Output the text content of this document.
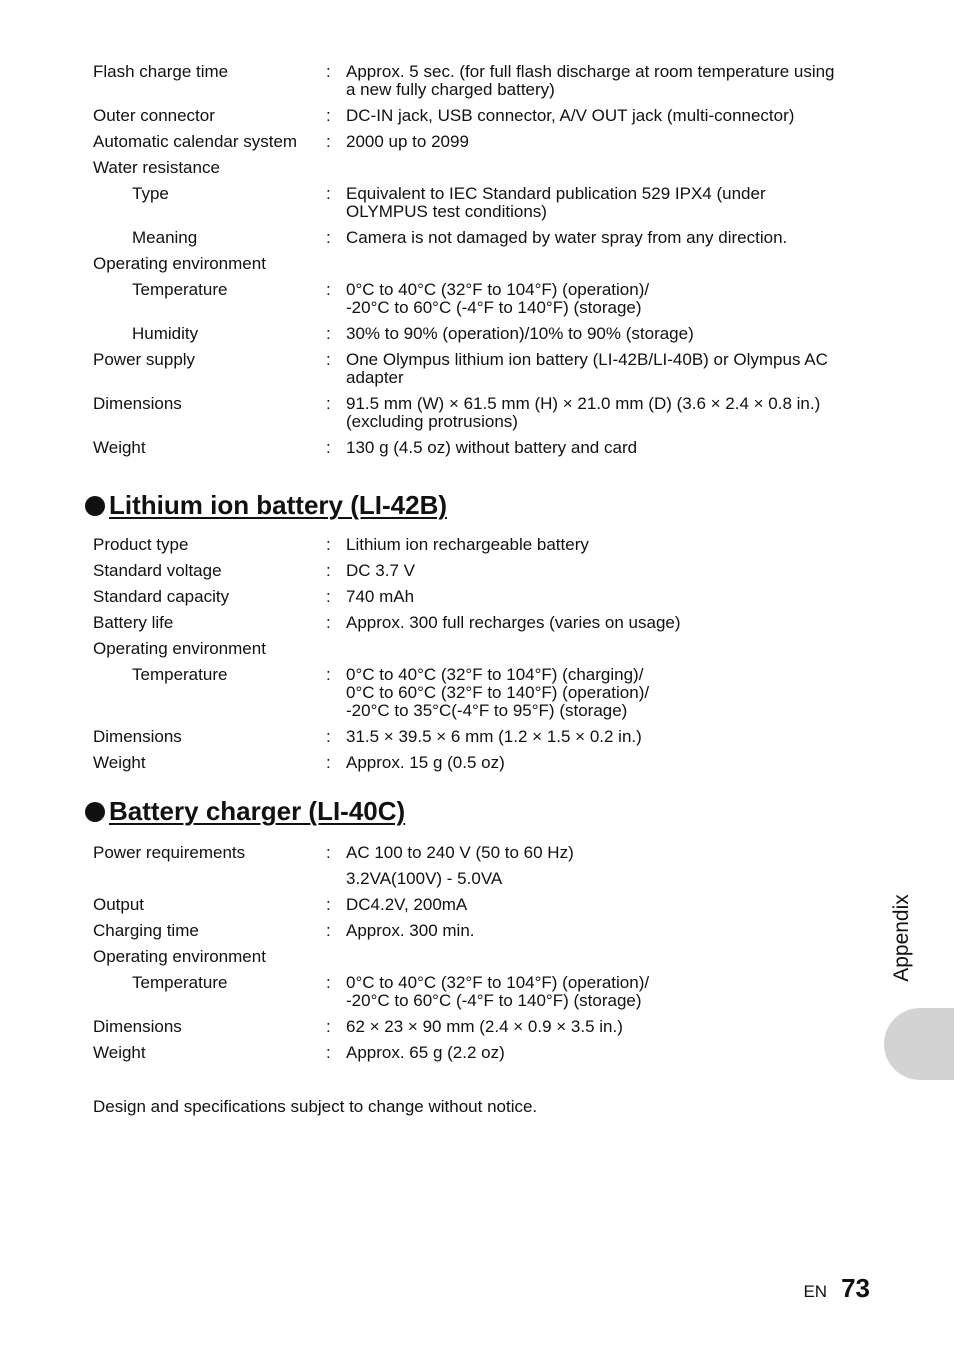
Flash charge time	: Approx. 5 sec. (for full flash discharge at room temperature using
a new fully charged battery)
Outer connector	: DC-IN jack, USB connector, A/V OUT jack (multi-connector)
Automatic calendar system	: 2000 up to 2099
Water resistance
Type	: Equivalent to IEC Standard publication 529 IPX4 (under
OLYMPUS test conditions)
Meaning	: Camera is not damaged by water spray from any direction.
Operating environment
Temperature	: 0°C to 40°C (32°F to 104°F) (operation)/
-20°C to 60°C (-4°F to 140°F) (storage)
Humidity	: 30% to 90% (operation)/10% to 90% (storage)
Power supply	: One Olympus lithium ion battery (LI-42B/LI-40B) or Olympus AC
adapter
Dimensions	: 91.5 mm (W) × 61.5 mm (H) × 21.0 mm (D) (3.6 × 2.4 × 0.8 in.)
(excluding protrusions)
Weight	: 130 g (4.5 oz) without battery and card
Lithium ion battery (LI-42B)
Product type	: Lithium ion rechargeable battery
Standard voltage	: DC 3.7 V
Standard capacity	: 740 mAh
Battery life	: Approx. 300 full recharges (varies on usage)
Operating environment
Temperature	: 0°C to 40°C (32°F to 104°F) (charging)/
0°C to 60°C (32°F to 140°F) (operation)/
-20°C to 35°C(-4°F to 95°F) (storage)
Dimensions	: 31.5 × 39.5 × 6 mm (1.2 × 1.5 × 0.2 in.)
Weight	: Approx. 15 g (0.5 oz)
Battery charger (LI-40C)
Power requirements	: AC 100 to 240 V (50 to 60 Hz)
3.2VA(100V) - 5.0VA
Output	: DC4.2V, 200mA
Charging time	: Approx. 300 min.
Operating environment
Temperature	: 0°C to 40°C (32°F to 104°F) (operation)/
-20°C to 60°C (-4°F to 140°F) (storage)
Dimensions	: 62 × 23 × 90 mm (2.4 × 0.9 × 3.5 in.)
Weight	: Approx. 65 g (2.2 oz)
Design and specifications subject to change without notice.
Appendix
EN 73
